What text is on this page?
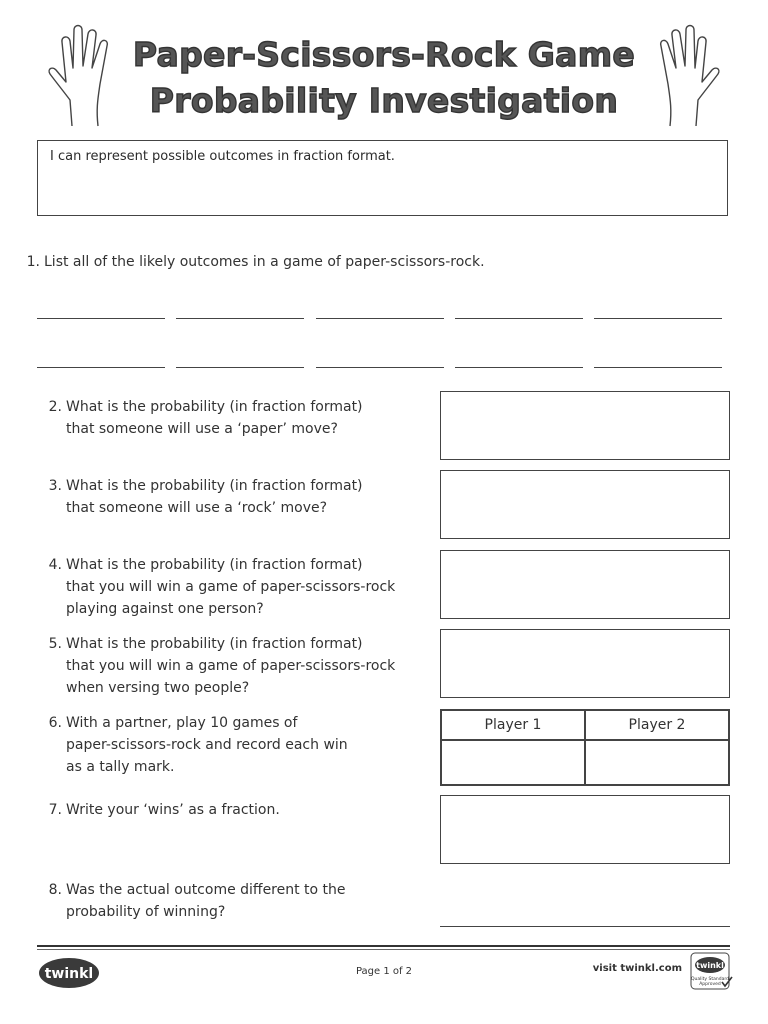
Paper-Scissors-Rock Game
Probability Investigation
I can represent possible outcomes in fraction format.
1. List all of the likely outcomes in a game of paper-scissors-rock.
2. What is the probability (in fraction format)
that someone will use a ‘paper’ move?
3. What is the probability (in fraction format)
that someone will use a ‘rock’ move?
4. What is the probability (in fraction format)
that you will win a game of paper-scissors-rock
playing against one person?
5. What is the probability (in fraction format)
that you will win a game of paper-scissors-rock
when versing two people?
6. With a partner, play 10 games of
paper-scissors-rock and record each win
as a tally mark.
Player 1	Player 2
7. Write your ‘wins’ as a fraction.
8. Was the actual outcome different to the
probability of winning?
twinkl	Page 1 of 2	visit twinkl.com twinkl
Quality Standard
Approved
